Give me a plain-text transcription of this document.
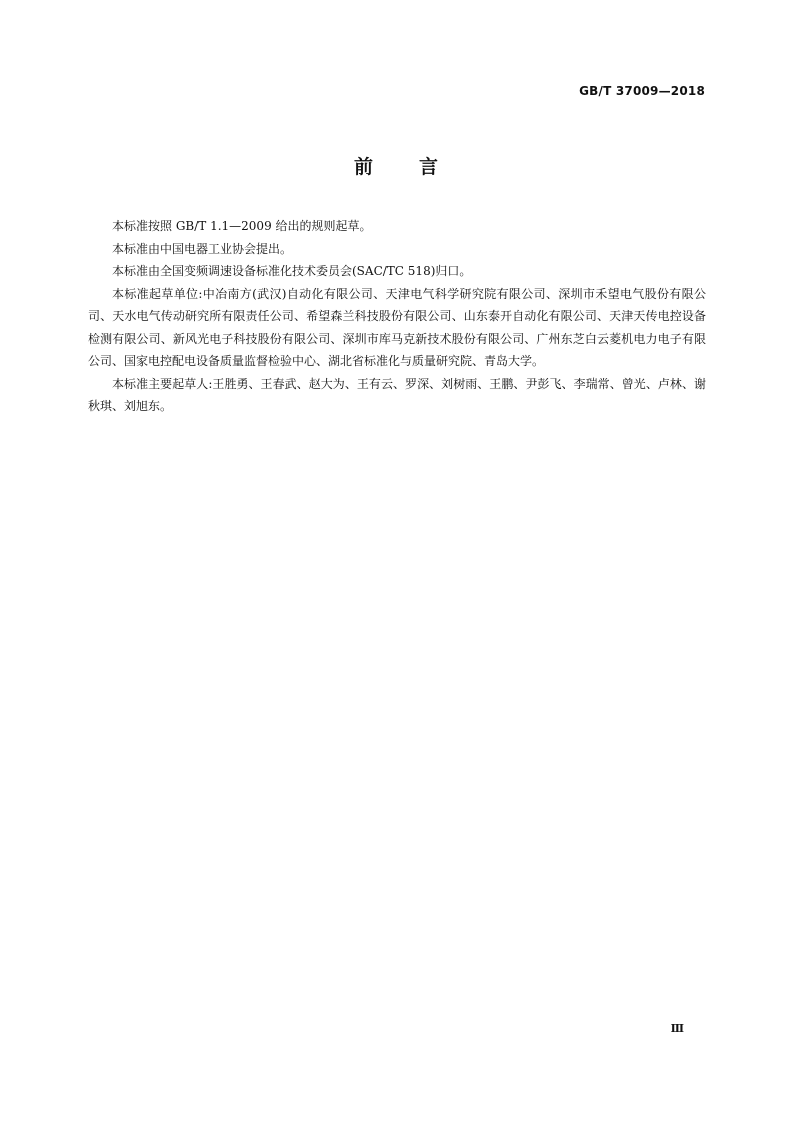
GB/T 37009—2018
前 言

本标准按照 GB/T 1.1—2009 给出的规则起草。

本标准由中国电器工业协会提出。

本标准由全国变频调速设备标准化技术委员会(SAC/TC 518)归口。

本标准起草单位:中冶南方(武汉)自动化有限公司、天津电气科学研究院有限公司、深圳市禾望电气股份有限公司、天水电气传动研究所有限责任公司、希望森兰科技股份有限公司、山东泰开自动化有限公司、天津天传电控设备检测有限公司、新风光电子科技股份有限公司、深圳市库马克新技术股份有限公司、广州东芝白云菱机电力电子有限公司、国家电控配电设备质量监督检验中心、湖北省标准化与质量研究院、青岛大学。

本标准主要起草人:王胜勇、王春武、赵大为、王有云、罗深、刘树雨、王鹏、尹彭飞、李瑞常、曾光、卢林、谢秋琪、刘旭东。

Ⅲ
